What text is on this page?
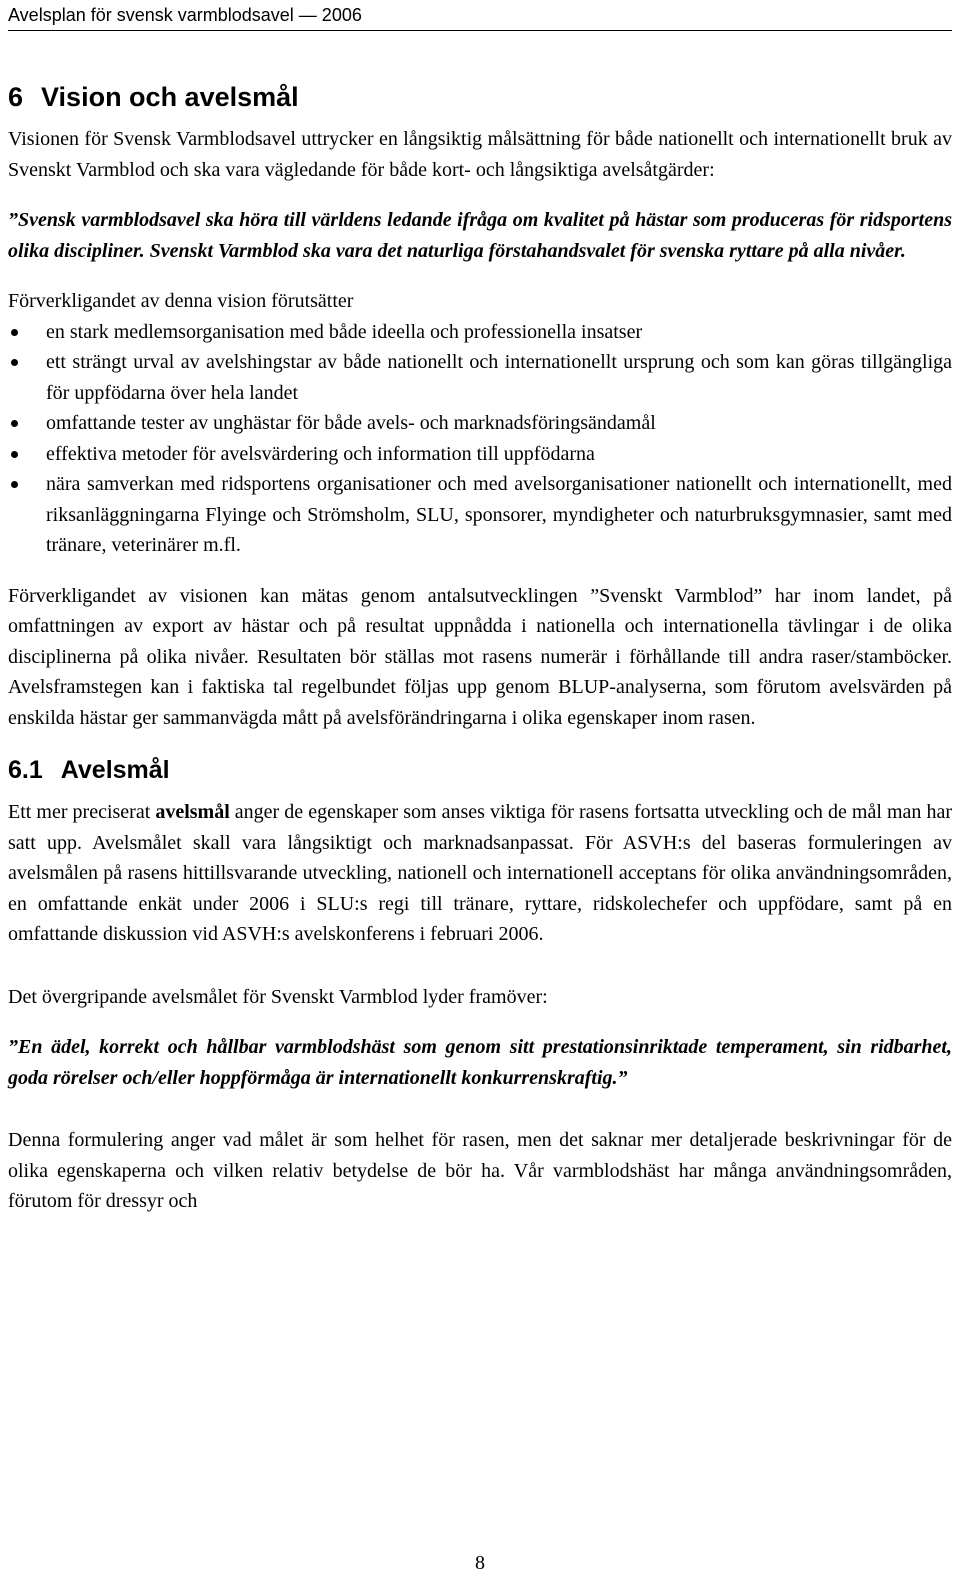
Avelsplan för svensk varmblodsavel — 2006
6 Vision och avelsmål

Visionen för Svensk Varmblodsavel uttrycker en långsiktig målsättning för både nationellt och internationellt bruk av Svenskt Varmblod och ska vara vägledande för både kort- och långsiktiga avelsåtgärder:

”Svensk varmblodsavel ska höra till världens ledande ifråga om kvalitet på hästar som produceras för ridsportens olika discipliner. Svenskt Varmblod ska vara det naturliga förstahandsvalet för svenska ryttare på alla nivåer.

Förverkligandet av denna vision förutsätter

en stark medlemsorganisation med både ideella och professionella insatser
ett strängt urval av avelshingstar av både nationellt och internationellt ursprung och som kan göras tillgängliga för uppfödarna över hela landet
omfattande tester av unghästar för både avels- och marknadsföringsändamål
effektiva metoder för avelsvärdering och information till uppfödarna
nära samverkan med ridsportens organisationer och med avelsorganisationer nationellt och internationellt, med riksanläggningarna Flyinge och Strömsholm, SLU, sponsorer, myndigheter och naturbruksgymnasier, samt med tränare, veterinärer m.fl.

Förverkligandet av visionen kan mätas genom antalsutvecklingen ”Svenskt Varmblod” har inom landet, på omfattningen av export av hästar och på resultat uppnådda i nationella och internationella tävlingar i de olika disciplinerna på olika nivåer. Resultaten bör ställas mot rasens numerär i förhållande till andra raser/stamböcker. Avelsframstegen kan i faktiska tal regelbundet följas upp genom BLUP-analyserna, som förutom avelsvärden på enskilda hästar ger sammanvägda mått på avelsförändringarna i olika egenskaper inom rasen.

6.1 Avelsmål

Ett mer preciserat avelsmål anger de egenskaper som anses viktiga för rasens fortsatta utveckling och de mål man har satt upp. Avelsmålet skall vara långsiktigt och marknadsanpassat. För ASVH:s del baseras formuleringen av avelsmålen på rasens hittillsvarande utveckling, nationell och internationell acceptans för olika användningsområden, en omfattande enkät under 2006 i SLU:s regi till tränare, ryttare, ridskolechefer och uppfödare, samt på en omfattande diskussion vid ASVH:s avelskonferens i februari 2006.

Det övergripande avelsmålet för Svenskt Varmblod lyder framöver:

”En ädel, korrekt och hållbar varmblodshäst som genom sitt prestationsinriktade temperament, sin ridbarhet, goda rörelser och/eller hoppförmåga är internationellt konkurrenskraftig.”

Denna formulering anger vad målet är som helhet för rasen, men det saknar mer detaljerade beskrivningar för de olika egenskaperna och vilken relativ betydelse de bör ha. Vår varmblodshäst har många användningsområden, förutom för dressyr och

8
